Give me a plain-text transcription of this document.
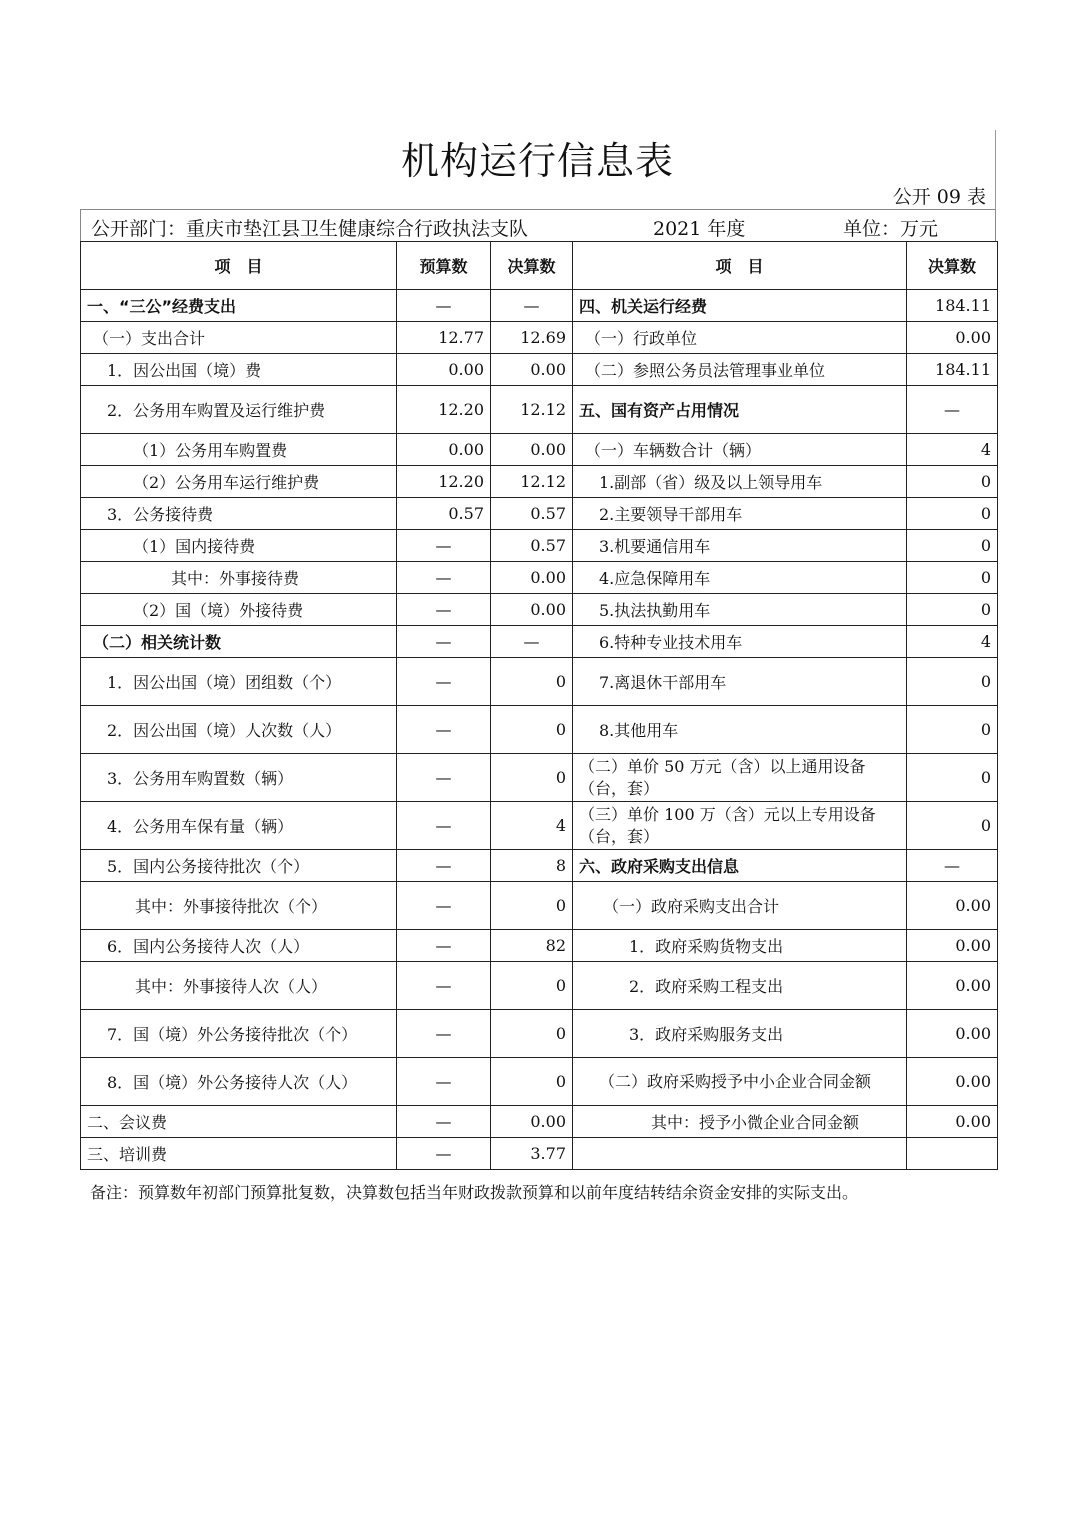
机构运行信息表
公开 09 表
公开部门：重庆市垫江县卫生健康综合行政执法支队	2021 年度	单位：万元
项　目	预算数	决算数	项　目	决算数
一、“三公”经费支出	—	—	四、机关运行经费	184.11
（一）支出合计	12.77	12.69	（一）行政单位	0.00
1．因公出国（境）费	0.00	0.00	（二）参照公务员法管理事业单位	184.11
2．公务用车购置及运行维护费	12.20	12.12	五、国有资产占用情况	—
（1）公务用车购置费	0.00	0.00	（一）车辆数合计（辆）	4
（2）公务用车运行维护费	12.20	12.12	1.副部（省）级及以上领导用车	0
3．公务接待费	0.57	0.57	2.主要领导干部用车	0
（1）国内接待费	—	0.57	3.机要通信用车	0
其中：外事接待费	—	0.00	4.应急保障用车	0
（2）国（境）外接待费	—	0.00	5.执法执勤用车	0
（二）相关统计数	—	—	6.特种专业技术用车	4
1．因公出国（境）团组数（个）	—	0	7.离退休干部用车	0
2．因公出国（境）人次数（人）	—	0	8.其他用车	0
3．公务用车购置数（辆）	—	0	（二）单价 50 万元（含）以上通用设备（台，套）	0
4．公务用车保有量（辆）	—	4	（三）单价 100 万（含）元以上专用设备（台，套）	0
5．国内公务接待批次（个）	—	8	六、政府采购支出信息	—
其中：外事接待批次（个）	—	0	（一）政府采购支出合计	0.00
6．国内公务接待人次（人）	—	82	1．政府采购货物支出	0.00
其中：外事接待人次（人）	—	0	2．政府采购工程支出	0.00
7．国（境）外公务接待批次（个）	—	0	3．政府采购服务支出	0.00
8．国（境）外公务接待人次（人）	—	0	（二）政府采购授予中小企业合同金额	0.00
二、会议费	—	0.00	其中：授予小微企业合同金额	0.00
三、培训费	—	3.77		
备注：预算数年初部门预算批复数，决算数包括当年财政拨款预算和以前年度结转结余资金安排的实际支出。
